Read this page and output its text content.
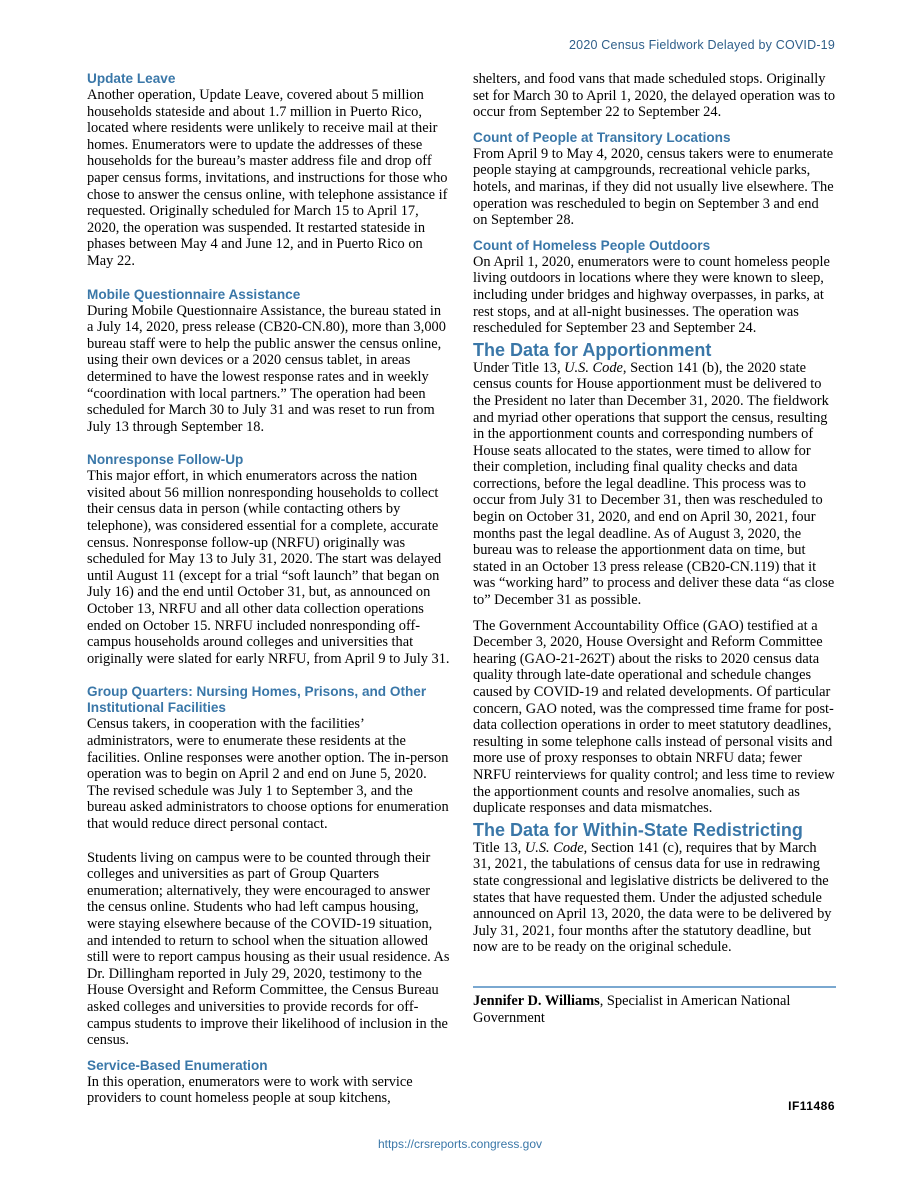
2020 Census Fieldwork Delayed by COVID-19
Update Leave

Another operation, Update Leave, covered about 5 million households stateside and about 1.7 million in Puerto Rico, located where residents were unlikely to receive mail at their homes. Enumerators were to update the addresses of these households for the bureau’s master address file and drop off paper census forms, invitations, and instructions for those who chose to answer the census online, with telephone assistance if requested. Originally scheduled for March 15 to April 17, 2020, the operation was suspended. It restarted stateside in phases between May 4 and June 12, and in Puerto Rico on May 22.

Mobile Questionnaire Assistance

During Mobile Questionnaire Assistance, the bureau stated in a July 14, 2020, press release (CB20-CN.80), more than 3,000 bureau staff were to help the public answer the census online, using their own devices or a 2020 census tablet, in areas determined to have the lowest response rates and in weekly “coordination with local partners.” The operation had been scheduled for March 30 to July 31 and was reset to run from July 13 through September 18.

Nonresponse Follow-Up

This major effort, in which enumerators across the nation visited about 56 million nonresponding households to collect their census data in person (while contacting others by telephone), was considered essential for a complete, accurate census. Nonresponse follow-up (NRFU) originally was scheduled for May 13 to July 31, 2020. The start was delayed until August 11 (except for a trial “soft launch” that began on July 16) and the end until October 31, but, as announced on October 13, NRFU and all other data collection operations ended on October 15. NRFU included nonresponding off-campus households around colleges and universities that originally were slated for early NRFU, from April 9 to July 31.

Group Quarters: Nursing Homes, Prisons, and Other Institutional Facilities

Census takers, in cooperation with the facilities’ administrators, were to enumerate these residents at the facilities. Online responses were another option. The in-person operation was to begin on April 2 and end on June 5, 2020. The revised schedule was July 1 to September 3, and the bureau asked administrators to choose options for enumeration that would reduce direct personal contact.

Students living on campus were to be counted through their colleges and universities as part of Group Quarters enumeration; alternatively, they were encouraged to answer the census online. Students who had left campus housing, were staying elsewhere because of the COVID-19 situation, and intended to return to school when the situation allowed still were to report campus housing as their usual residence. As Dr. Dillingham reported in July 29, 2020, testimony to the House Oversight and Reform Committee, the Census Bureau asked colleges and universities to provide records for off-campus students to improve their likelihood of inclusion in the census.

Service-Based Enumeration

In this operation, enumerators were to work with service providers to count homeless people at soup kitchens,

shelters, and food vans that made scheduled stops. Originally set for March 30 to April 1, 2020, the delayed operation was to occur from September 22 to September 24.

Count of People at Transitory Locations

From April 9 to May 4, 2020, census takers were to enumerate people staying at campgrounds, recreational vehicle parks, hotels, and marinas, if they did not usually live elsewhere. The operation was rescheduled to begin on September 3 and end on September 28.

Count of Homeless People Outdoors

On April 1, 2020, enumerators were to count homeless people living outdoors in locations where they were known to sleep, including under bridges and highway overpasses, in parks, at rest stops, and at all-night businesses. The operation was rescheduled for September 23 and September 24.

The Data for Apportionment

Under Title 13, U.S. Code, Section 141 (b), the 2020 state census counts for House apportionment must be delivered to the President no later than December 31, 2020. The fieldwork and myriad other operations that support the census, resulting in the apportionment counts and corresponding numbers of House seats allocated to the states, were timed to allow for their completion, including final quality checks and data corrections, before the legal deadline. This process was to occur from July 31 to December 31, then was rescheduled to begin on October 31, 2020, and end on April 30, 2021, four months past the legal deadline. As of August 3, 2020, the bureau was to release the apportionment data on time, but stated in an October 13 press release (CB20-CN.119) that it was “working hard” to process and deliver these data “as close to” December 31 as possible.

The Government Accountability Office (GAO) testified at a December 3, 2020, House Oversight and Reform Committee hearing (GAO-21-262T) about the risks to 2020 census data quality through late-date operational and schedule changes caused by COVID-19 and related developments. Of particular concern, GAO noted, was the compressed time frame for post-data collection operations in order to meet statutory deadlines, resulting in some telephone calls instead of personal visits and more use of proxy responses to obtain NRFU data; fewer NRFU reinterviews for quality control; and less time to review the apportionment counts and resolve anomalies, such as duplicate responses and data mismatches.

The Data for Within-State Redistricting

Title 13, U.S. Code, Section 141 (c), requires that by March 31, 2021, the tabulations of census data for use in redrawing state congressional and legislative districts be delivered to the states that have requested them. Under the adjusted schedule announced on April 13, 2020, the data were to be delivered by July 31, 2021, four months after the statutory deadline, but now are to be ready on the original schedule.

Jennifer D. Williams, Specialist in American National Government

IF11486
https://crsreports.congress.gov
